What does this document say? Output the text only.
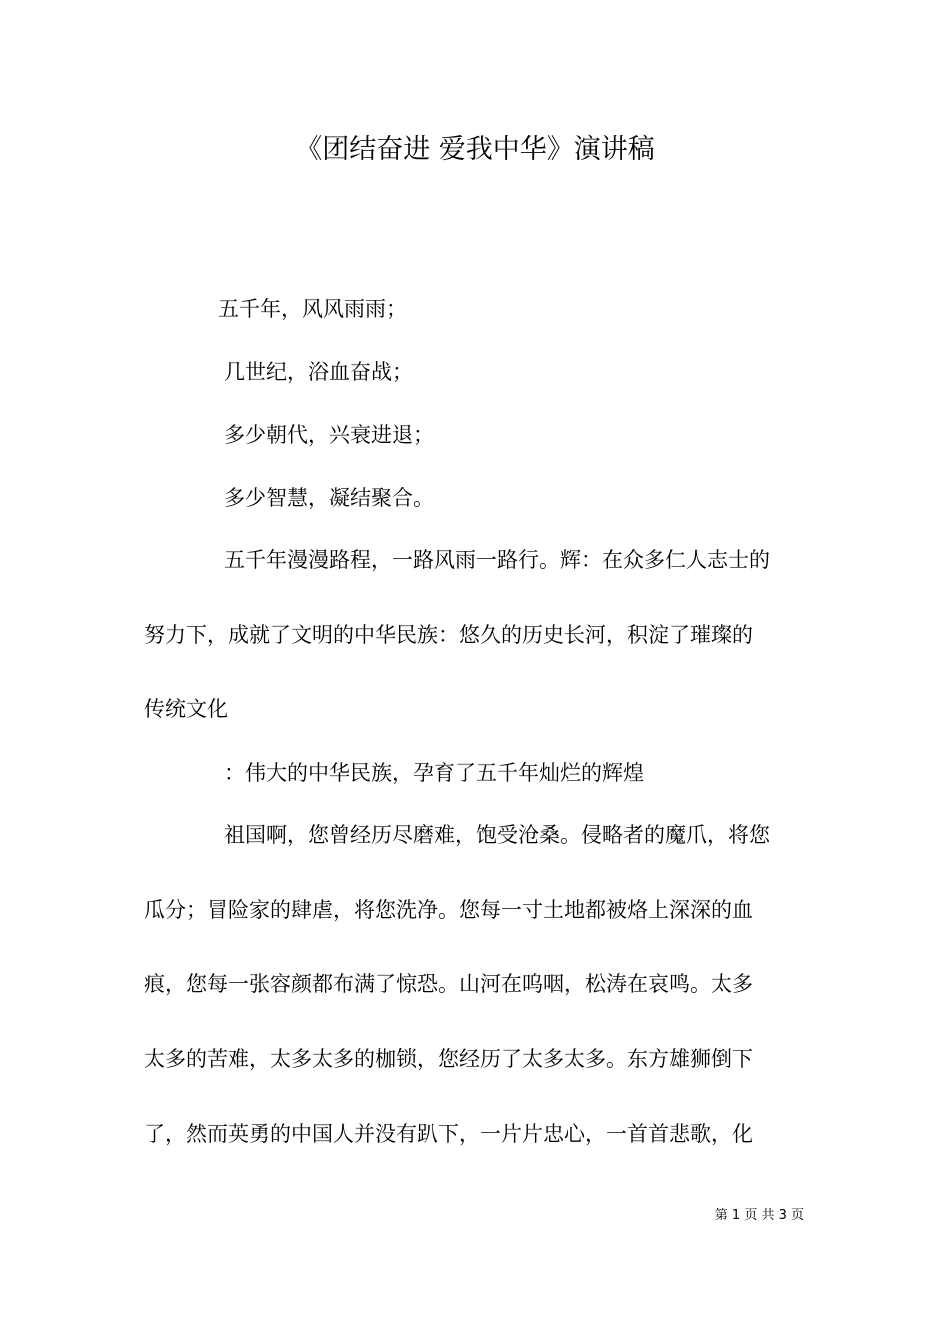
《团结奋进 爱我中华》演讲稿
五千年，风风雨雨；
几世纪，浴血奋战；
多少朝代，兴衰进退；
多少智慧，凝结聚合。
五千年漫漫路程，一路风雨一路行。辉：在众多仁人志士的
努力下，成就了文明的中华民族：悠久的历史长河，积淀了璀璨的
传统文化
：伟大的中华民族，孕育了五千年灿烂的辉煌
祖国啊，您曾经历尽磨难，饱受沧桑。侵略者的魔爪，将您
瓜分；冒险家的肆虐，将您洗净。您每一寸土地都被烙上深深的血
痕，您每一张容颜都布满了惊恐。山河在呜咽，松涛在哀鸣。太多
太多的苦难，太多太多的枷锁，您经历了太多太多。东方雄狮倒下
了，然而英勇的中国人并没有趴下，一片片忠心，一首首悲歌，化
第 1 页 共 3 页
